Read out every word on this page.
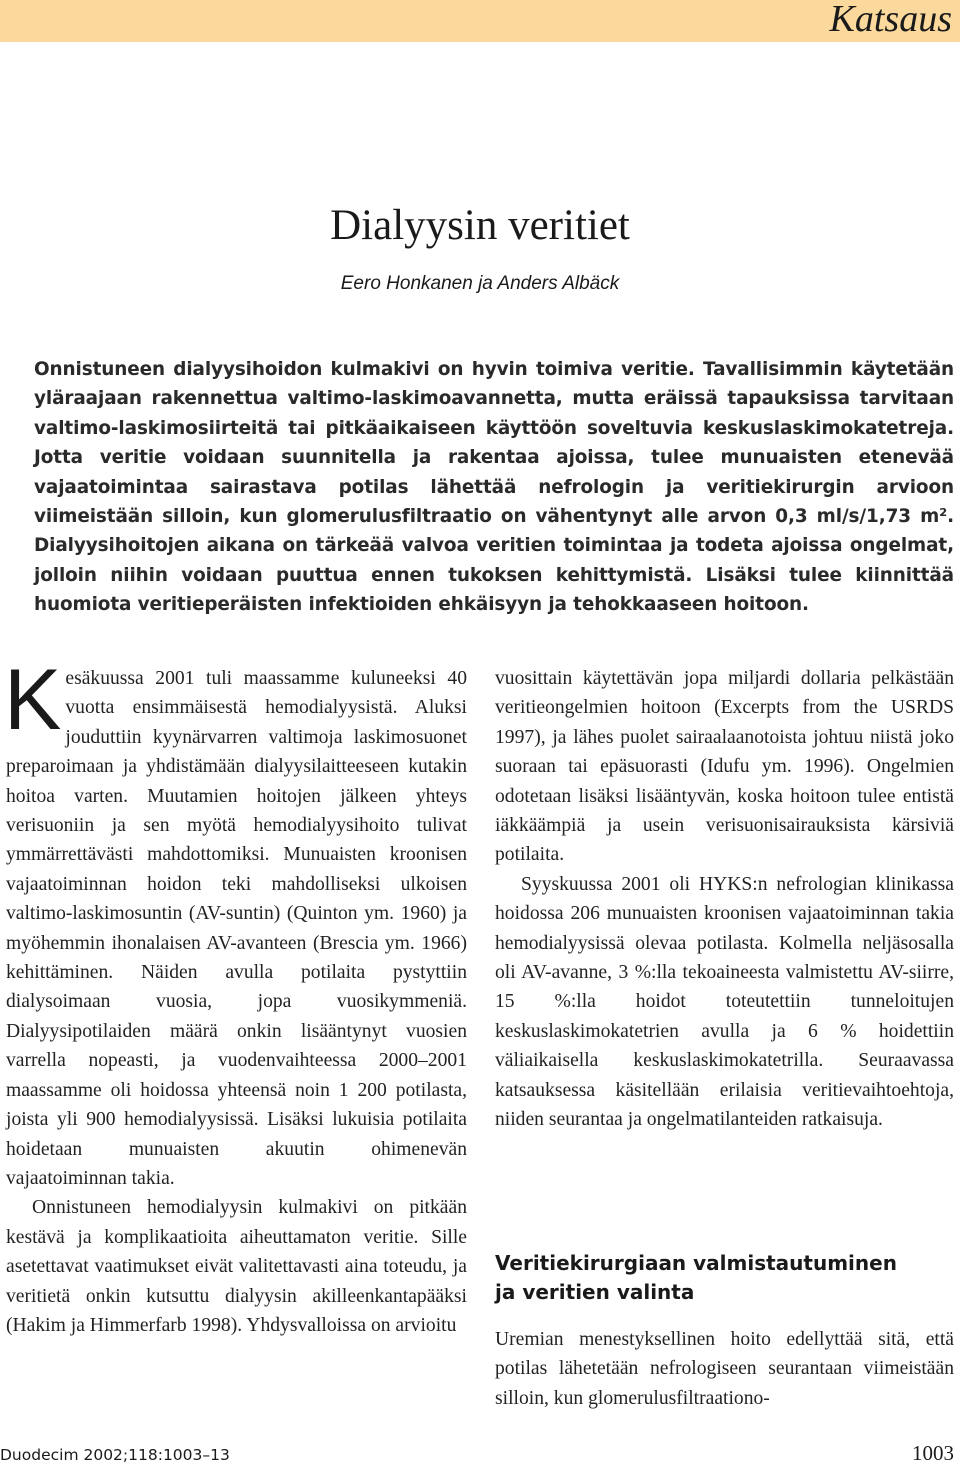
Katsaus
Dialyysin veritiet
Eero Honkanen ja Anders Albäck
Onnistuneen dialyysihoidon kulmakivi on hyvin toimiva veritie. Tavallisimmin käytetään yläraajaan rakennettua valtimo-laskimoavannetta, mutta eräissä tapauksissa tarvitaan valtimo-laskimosiirteitä tai pitkäaikaiseen käyttöön soveltuvia keskuslaskimokatetreja. Jotta veritie voidaan suunnitella ja rakentaa ajoissa, tulee munuaisten etenevää vajaatoimintaa sairastava potilas lähettää nefrologin ja veritiekirurgin arvioon viimeistään silloin, kun glomerulusfiltraatio on vähentynyt alle arvon 0,3 ml/s/1,73 m². Dialyysihoitojen aikana on tärkeää valvoa veritien toimintaa ja todeta ajoissa ongelmat, jolloin niihin voidaan puuttua ennen tukoksen kehittymistä. Lisäksi tulee kiinnittää huomiota veritieperäisten infektioiden ehkäisyyn ja tehokkaaseen hoitoon.

Kesäkuussa 2001 tuli maassamme kuluneeksi 40 vuotta ensimmäisestä hemodialyysistä. Aluksi jouduttiin kyynärvarren valtimoja laskimosuonet preparoimaan ja yhdistämään dialyysilaitteeseen kutakin hoitoa varten. Muutamien hoitojen jälkeen yhteys verisuoniin ja sen myötä hemodialyysihoito tulivat ymmärrettävästi mahdottomiksi. Munuaisten kroonisen vajaatoiminnan hoidon teki mahdolliseksi ulkoisen valtimo-laskimosuntin (AV-suntin) (Quinton ym. 1960) ja myöhemmin ihonalaisen AV-avanteen (Brescia ym. 1966) kehittäminen. Näiden avulla potilaita pystyttiin dialysoimaan vuosia, jopa vuosikymmeniä. Dialyysipotilaiden määrä onkin lisääntynyt vuosien varrella nopeasti, ja vuodenvaihteessa 2000–2001 maassamme oli hoidossa yhteensä noin 1 200 potilasta, joista yli 900 hemodialyysissä. Lisäksi lukuisia potilaita hoidetaan munuaisten akuutin ohimenevän vajaatoiminnan takia.

Onnistuneen hemodialyysin kulmakivi on pitkään kestävä ja komplikaatioita aiheuttamaton veritie. Sille asetettavat vaatimukset eivät valitettavasti aina toteudu, ja veritietä onkin kutsuttu dialyysin akilleenkantapääksi (Hakim ja Himmerfarb 1998). Yhdysvalloissa on arvioitu

vuosittain käytettävän jopa miljardi dollaria pelkästään veritieongelmien hoitoon (Excerpts from the USRDS 1997), ja lähes puolet sairaalaanotoista johtuu niistä joko suoraan tai epäsuorasti (Idufu ym. 1996). Ongelmien odotetaan lisäksi lisääntyvän, koska hoitoon tulee entistä iäkkäämpiä ja usein verisuonisairauksista kärsiviä potilaita.

Syyskuussa 2001 oli HYKS:n nefrologian klinikassa hoidossa 206 munuaisten kroonisen vajaatoiminnan takia hemodialyysissä olevaa potilasta. Kolmella neljäsosalla oli AV-avanne, 3 %:lla tekoaineesta valmistettu AV-siirre, 15 %:lla hoidot toteutettiin tunneloitujen keskuslaskimokatetrien avulla ja 6 % hoidettiin väliaikaisella keskuslaskimokatetrilla. Seuraavassa katsauksessa käsitellään erilaisia veritievaihtoehtoja, niiden seurantaa ja ongelmatilanteiden ratkaisuja.

Veritiekirurgiaan valmistautuminen
ja veritien valinta

Uremian menestyksellinen hoito edellyttää sitä, että potilas lähetetään nefrologiseen seurantaan viimeistään silloin, kun glomerulusfiltraationo-

Duodecim 2002;118:1003–13	1003
